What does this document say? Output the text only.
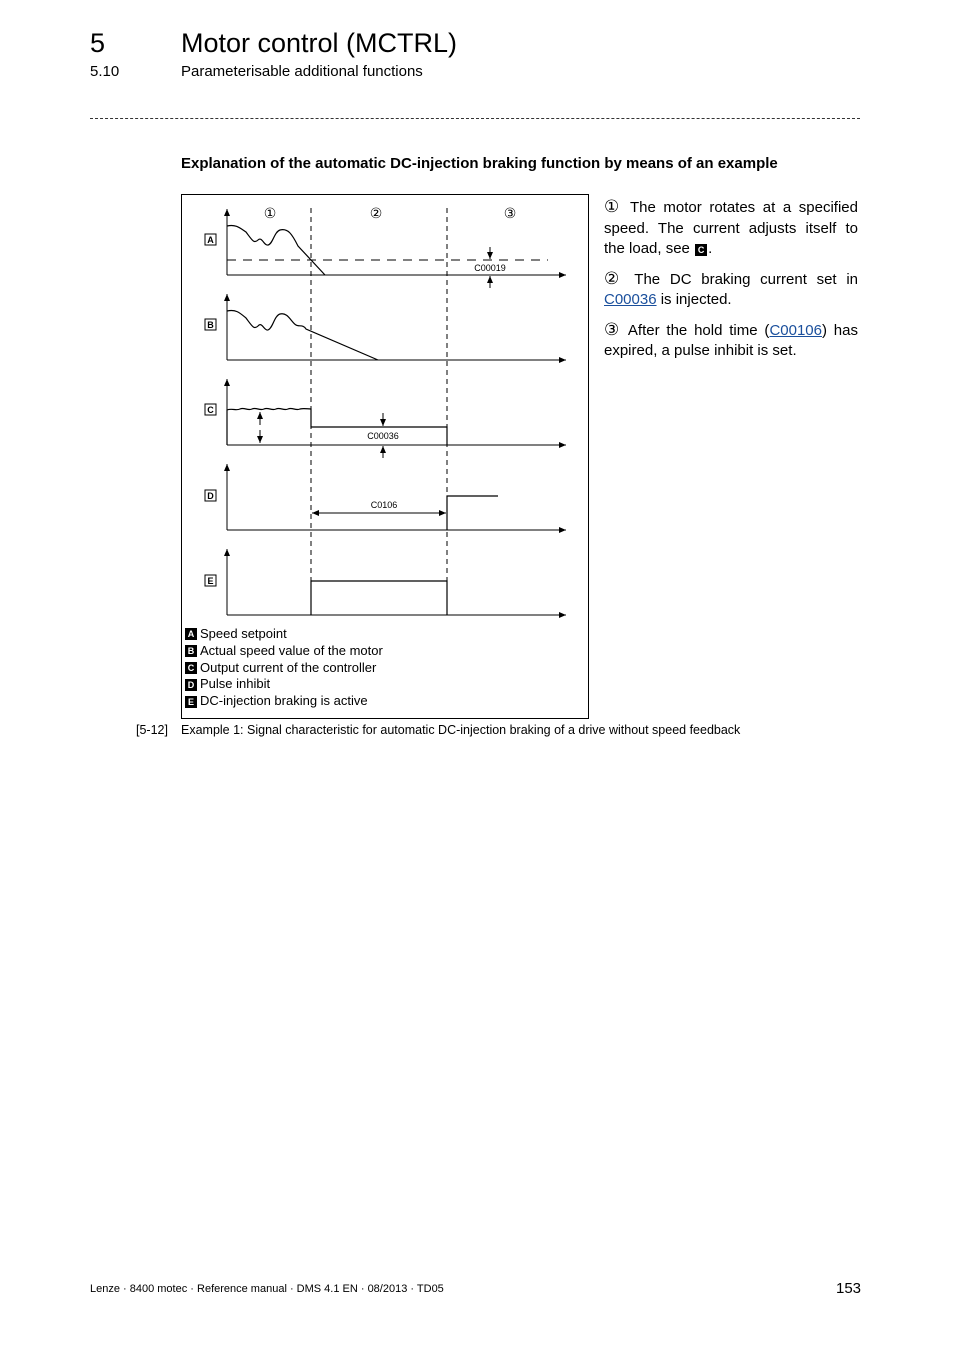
5	Motor control (MCTRL)
5.10	Parameterisable additional functions
Explanation of the automatic DC-injection braking function by means of an example
①	②	③
A
B
C
D
E
C00019
C00036
C0106
A Speed setpoint
B Actual speed value of the motor
C Output current of the controller
D Pulse inhibit
E DC-injection braking is active

① The motor rotates at a specified speed. The current adjusts itself to the load, see C .

② The DC braking current set in C00036 is injected.

③ After the hold time (C00106) has expired, a pulse inhibit is set.

[5-12] Example 1: Signal characteristic for automatic DC-injection braking of a drive without speed feedback
Lenze · 8400 motec · Reference manual · DMS 4.1 EN · 08/2013 · TD05	153
